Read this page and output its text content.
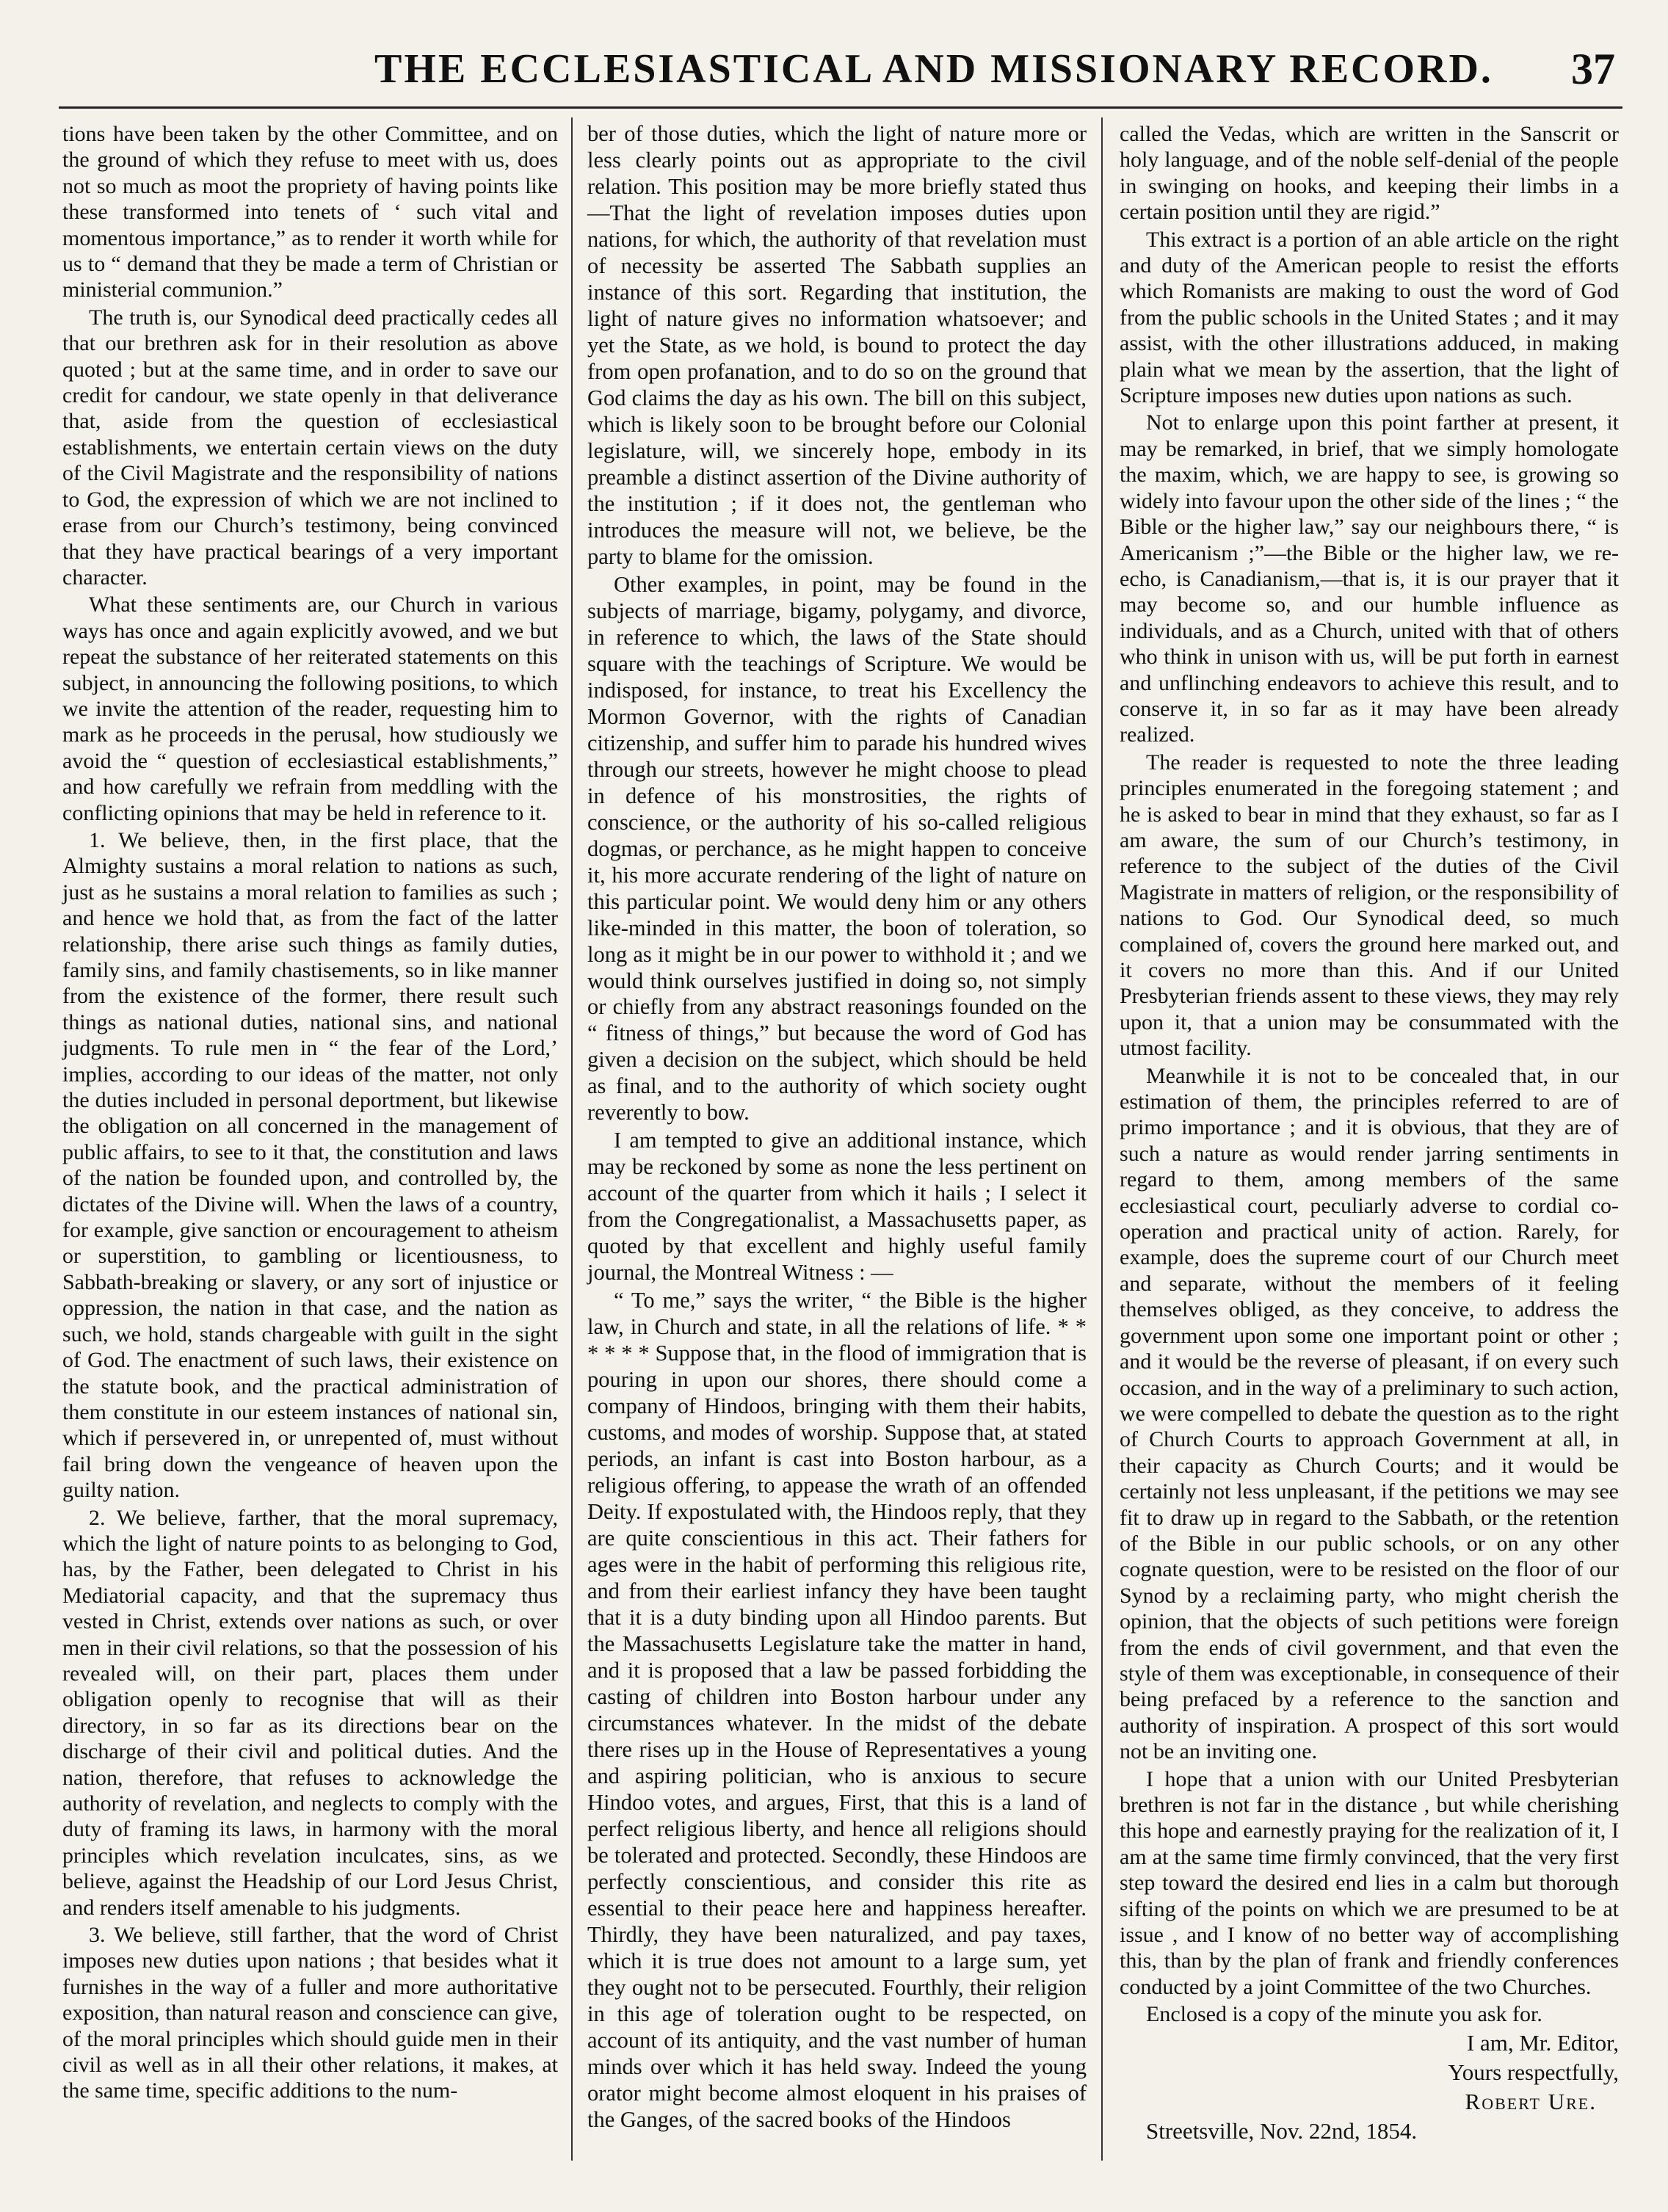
THE ECCLESIASTICAL AND MISSIONARY RECORD. 37

tions have been taken by the other Committee, and on the ground of which they refuse to meet with us, does not so much as moot the propriety of having points like these transformed into tenets of ‘ such vital and momentous importance,” as to render it worth while for us to “ demand that they be made a term of Christian or ministerial communion.”

The truth is, our Synodical deed practically cedes all that our brethren ask for in their resolution as above quoted ; but at the same time, and in order to save our credit for candour, we state openly in that deliverance that, aside from the question of ecclesiastical establishments, we entertain certain views on the duty of the Civil Magistrate and the responsibility of nations to God, the expression of which we are not inclined to erase from our Church’s testimony, being convinced that they have practical bearings of a very important character.

What these sentiments are, our Church in various ways has once and again explicitly avowed, and we but repeat the substance of her reiterated statements on this subject, in announcing the following positions, to which we invite the attention of the reader, requesting him to mark as he proceeds in the perusal, how studiously we avoid the “ question of ecclesiastical establishments,” and how carefully we refrain from meddling with the conflicting opinions that may be held in reference to it.

1. We believe, then, in the first place, that the Almighty sustains a moral relation to nations as such, just as he sustains a moral relation to families as such ; and hence we hold that, as from the fact of the latter relationship, there arise such things as family duties, family sins, and family chastisements, so in like manner from the existence of the former, there result such things as national duties, national sins, and national judgments. To rule men in “ the fear of the Lord,’ implies, according to our ideas of the matter, not only the duties included in personal deportment, but likewise the obligation on all concerned in the management of public affairs, to see to it that, the constitution and laws of the nation be founded upon, and controlled by, the dictates of the Divine will. When the laws of a country, for example, give sanction or encouragement to atheism or superstition, to gambling or licentiousness, to Sabbath-breaking or slavery, or any sort of injustice or oppression, the nation in that case, and the nation as such, we hold, stands chargeable with guilt in the sight of God. The enactment of such laws, their existence on the statute book, and the practical administration of them constitute in our esteem instances of national sin, which if persevered in, or unrepented of, must without fail bring down the vengeance of heaven upon the guilty nation.

2. We believe, farther, that the moral supremacy, which the light of nature points to as belonging to God, has, by the Father, been delegated to Christ in his Mediatorial capacity, and that the supremacy thus vested in Christ, extends over nations as such, or over men in their civil relations, so that the possession of his revealed will, on their part, places them under obligation openly to recognise that will as their directory, in so far as its directions bear on the discharge of their civil and political duties. And the nation, therefore, that refuses to acknowledge the authority of revelation, and neglects to comply with the duty of framing its laws, in harmony with the moral principles which revelation inculcates, sins, as we believe, against the Headship of our Lord Jesus Christ, and renders itself amenable to his judgments.

3. We believe, still farther, that the word of Christ imposes new duties upon nations ; that besides what it furnishes in the way of a fuller and more authoritative exposition, than natural reason and conscience can give, of the moral principles which should guide men in their civil as well as in all their other relations, it makes, at the same time, specific additions to the num-

ber of those duties, which the light of nature more or less clearly points out as appropriate to the civil relation. This position may be more briefly stated thus —That the light of revelation imposes duties upon nations, for which, the authority of that revelation must of necessity be asserted The Sabbath supplies an instance of this sort. Regarding that institution, the light of nature gives no information whatsoever; and yet the State, as we hold, is bound to protect the day from open profanation, and to do so on the ground that God claims the day as his own. The bill on this subject, which is likely soon to be brought before our Colonial legislature, will, we sincerely hope, embody in its preamble a distinct assertion of the Divine authority of the institution ; if it does not, the gentleman who introduces the measure will not, we believe, be the party to blame for the omission.

Other examples, in point, may be found in the subjects of marriage, bigamy, polygamy, and divorce, in reference to which, the laws of the State should square with the teachings of Scripture. We would be indisposed, for instance, to treat his Excellency the Mormon Governor, with the rights of Canadian citizenship, and suffer him to parade his hundred wives through our streets, however he might choose to plead in defence of his monstrosities, the rights of conscience, or the authority of his so-called religious dogmas, or perchance, as he might happen to conceive it, his more accurate rendering of the light of nature on this particular point. We would deny him or any others like-minded in this matter, the boon of toleration, so long as it might be in our power to withhold it ; and we would think ourselves justified in doing so, not simply or chiefly from any abstract reasonings founded on the “ fitness of things,” but because the word of God has given a decision on the subject, which should be held as final, and to the authority of which society ought reverently to bow.

I am tempted to give an additional instance, which may be reckoned by some as none the less pertinent on account of the quarter from which it hails ; I select it from the Congregationalist, a Massachusetts paper, as quoted by that excellent and highly useful family journal, the Montreal Witness : —

“ To me,” says the writer, “ the Bible is the higher law, in Church and state, in all the relations of life. * * * * * * Suppose that, in the flood of immigration that is pouring in upon our shores, there should come a company of Hindoos, bringing with them their habits, customs, and modes of worship. Suppose that, at stated periods, an infant is cast into Boston harbour, as a religious offering, to appease the wrath of an offended Deity. If expostulated with, the Hindoos reply, that they are quite conscientious in this act. Their fathers for ages were in the habit of performing this religious rite, and from their earliest infancy they have been taught that it is a duty binding upon all Hindoo parents. But the Massachusetts Legislature take the matter in hand, and it is proposed that a law be passed forbidding the casting of children into Boston harbour under any circumstances whatever. In the midst of the debate there rises up in the House of Representatives a young and aspiring politician, who is anxious to secure Hindoo votes, and argues, First, that this is a land of perfect religious liberty, and hence all religions should be tolerated and protected. Secondly, these Hindoos are perfectly conscientious, and consider this rite as essential to their peace here and happiness hereafter. Thirdly, they have been naturalized, and pay taxes, which it is true does not amount to a large sum, yet they ought not to be persecuted. Fourthly, their religion in this age of toleration ought to be respected, on account of its antiquity, and the vast number of human minds over which it has held sway. Indeed the young orator might become almost eloquent in his praises of the Ganges, of the sacred books of the Hindoos

called the Vedas, which are written in the Sanscrit or holy language, and of the noble self-denial of the people in swinging on hooks, and keeping their limbs in a certain position until they are rigid.”

This extract is a portion of an able article on the right and duty of the American people to resist the efforts which Romanists are making to oust the word of God from the public schools in the United States ; and it may assist, with the other illustrations adduced, in making plain what we mean by the assertion, that the light of Scripture imposes new duties upon nations as such.

Not to enlarge upon this point farther at present, it may be remarked, in brief, that we simply homologate the maxim, which, we are happy to see, is growing so widely into favour upon the other side of the lines ; “ the Bible or the higher law,” say our neighbours there, “ is Americanism ;”—the Bible or the higher law, we re-echo, is Canadianism,—that is, it is our prayer that it may become so, and our humble influence as individuals, and as a Church, united with that of others who think in unison with us, will be put forth in earnest and unflinching endeavors to achieve this result, and to conserve it, in so far as it may have been already realized.

The reader is requested to note the three leading principles enumerated in the foregoing statement ; and he is asked to bear in mind that they exhaust, so far as I am aware, the sum of our Church’s testimony, in reference to the subject of the duties of the Civil Magistrate in matters of religion, or the responsibility of nations to God. Our Synodical deed, so much complained of, covers the ground here marked out, and it covers no more than this. And if our United Presbyterian friends assent to these views, they may rely upon it, that a union may be consummated with the utmost facility.

Meanwhile it is not to be concealed that, in our estimation of them, the principles referred to are of primo importance ; and it is obvious, that they are of such a nature as would render jarring sentiments in regard to them, among members of the same ecclesiastical court, peculiarly adverse to cordial co-operation and practical unity of action. Rarely, for example, does the supreme court of our Church meet and separate, without the members of it feeling themselves obliged, as they conceive, to address the government upon some one important point or other ; and it would be the reverse of pleasant, if on every such occasion, and in the way of a preliminary to such action, we were compelled to debate the question as to the right of Church Courts to approach Government at all, in their capacity as Church Courts; and it would be certainly not less unpleasant, if the petitions we may see fit to draw up in regard to the Sabbath, or the retention of the Bible in our public schools, or on any other cognate question, were to be resisted on the floor of our Synod by a reclaiming party, who might cherish the opinion, that the objects of such petitions were foreign from the ends of civil government, and that even the style of them was exceptionable, in consequence of their being prefaced by a reference to the sanction and authority of inspiration. A prospect of this sort would not be an inviting one.

I hope that a union with our United Presbyterian brethren is not far in the distance , but while cherishing this hope and earnestly praying for the realization of it, I am at the same time firmly convinced, that the very first step toward the desired end lies in a calm but thorough sifting of the points on which we are presumed to be at issue , and I know of no better way of accomplishing this, than by the plan of frank and friendly conferences conducted by a joint Committee of the two Churches.

Enclosed is a copy of the minute you ask for.

I am, Mr. Editor,

Yours respectfully,

Robert Ure.

Streetsville, Nov. 22nd, 1854.
